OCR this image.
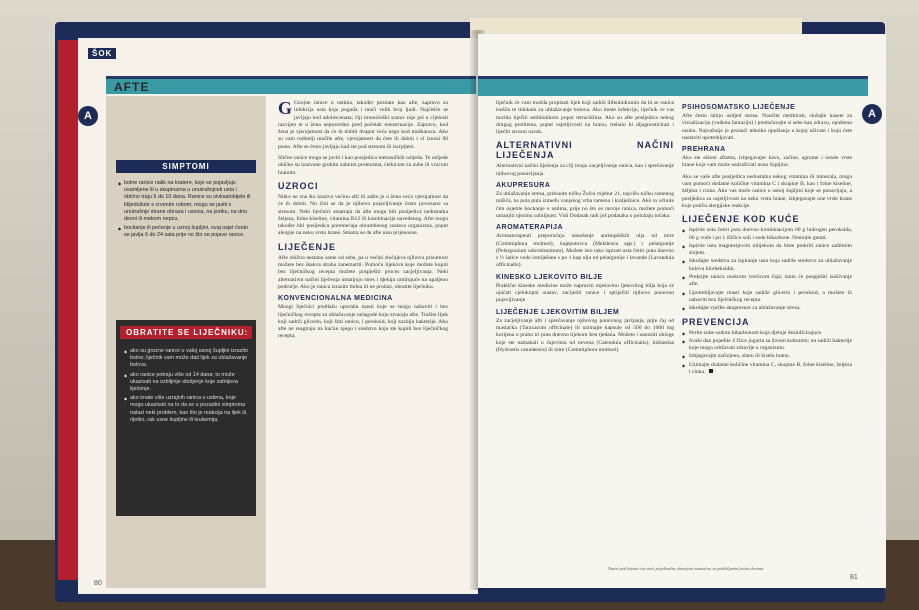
ŠOK
AFTE
A
SIMPTOMI
◆ bolne ranice nalik na kratere, koje se pojavljuju usamljene ili u skupinama u unutrašnjosti usta i obično traju 5 do 10 dana. Ranice su sivkastobijele ili blijedožute s crvenim rubom; mogu se javiti s unutrašnje strane obraza i usnica, na jeziku, na dnu desni ili mekom nepcu.
◆ bockanje ili pečenje u usnoj šupljini, ovaj osjet često se javlja 6 do 24 sata prije no što se pojave ranice.
OBRATITE SE LIJEČNIKU:
◆ ako su grozne ranice u valoj usnoj šupljini izrazito bolne; liječnik vam može dati lijek za ublažavanje bolova.
◆ ako ranice potraju više od 14 dana; to može ukazivati na ozbiljnije oboljenje koje zahtijeva liječenje.
◆ ako imate više uzrajnih ranica u ustima, koje mogu ukazivati na to da se u pozadini simptoma nalazi neki problem, kao što je reakcija na lijek ili, rijetko, rak usne šupljine ili leukemija.

G Gnojne ranice u ustima, također poznate kao afte, zapravo su infekcija usta koja pogađa i muči velik broj ljudi. Najčešće se javljaju kod adolescenata; čiji imunološki sustav nije još u cijelosti razvijen te u žena neposredno pred početak menstruacije. Zapravo, kod žena je vjerojatnost da će ih dobiti dvaput veća nego kod muškaraca. Ako su vam roditelji mučile afte, vjerojatnost da ćete ih dobiti i vi iznosi 90 posto. Afte se često javljaju kad ste pod stresom ili iscrpljeni.

Slične ranice mogu se javiti i kao posljedica mehaničkih ozljeda. Te ozljede obično su izazvane grubim zubnim protezama, četkicom za zube ili vrućom hranom.

UZROCI

Nitko ne zna što izaziva većinu afti ili zašto je u žena veća vjerojatnost da će ih dobiti. No čini se da je njihovo pojavljivanje često povezano sa stresom. Neki liječnici smatraju da afte mogu biti posljedica nedostatka željeza, folne kiseline, vitamina B12 ili kombinacije navedenog. Afte mogu također biti posljedica poremećaja obrambenog sustava organizma, poput alergije na neku vrstu hrane. Smatra se da afte nisu prijenosne.

LIJEČENJE

Afte obično nestanu same od sebe, pa u većini slučajeva njihovu prisutnost možete bez ikakva straha zanemariti. Pomoću lijekova koje možete kupiti bez liječničkog recepta možete pospješiti proces zacjeljivanja. Neki alternativni načini liječenja umanjuju stres i djeluju umirujuće na upaljeno područje. Ako je ranica izrazito bolna ili ne prolazi, obratite liječniku.

KONVENCIONALNA MEDICINA

Mnogi liječnici predlažu uporabu masti koje se mogu nabaviti i bez liječničkog recepta za ublažavanje nelagode koju stvaraju afte. Tražite lijek koji sadrži glicerin, koji štiti ranicu, i peroksid, koji suzbija bakterije. Ako afte ne reagiraju na kućnu njegu i sredstva koja ste kupili bez liječničkog recepta,

80
A

liječnik će vam možda propisati lijek koji sadrži difenhidramin da bi se ranica isušila te lidokain za ublažavanje bolova. Ako imate infekciju, liječnik će vas možda liječiti antibiotikom poput tetraciklina. Ako su afte posljedica nekog drugog problema, poput osjetljivosti na hranu, trebalo bi dijagnosticirati i liječiti stvarni uzrok.

ALTERNATIVNI NAČINI LIJEČENJA

Alternativni načini liječenja za cilj imaju zacjeljivanje ranica, kao i sprečavanje njihovog ponavljanja.

AKUPRESURA

Za ublažavanje stresa, pritisnite točku Žučni mjehur 21, najvišu točku ramenog mišića, na pola puta između vanjskog vrha ramena i kralježnice. Ako to učinite čim osjetite bockanje u ustima, prije no što se razvije ranica, možete pomoći umanjiti njezinu ozbiljnost. Vidi Dodatak radi još podataka o položaju točaka.

AROMATERAPIJA

Aromaterapeuti preporučaju nanošenje antiseptičkih ulja od mire (Commiphora molmol), kajeputovca (Melaleuca spp.) i pelargonije (Pelargonium odoratissimum). Možete isto tako ispirati usta četiri puta dnevno s ½ šalice vode izmiješane s po 1 kap ulja od pelargonije i lavande (Lavandula officinalis).

KINESKO LJEKOVITO BILJE

Praktičar kineske medicine može napraviti mješavinu ljekovitog bilja koja će ojačati cjelokupni sustav, zacijeliti ranice i spriječiti njihovo ponovno pojavljivanje.

LIJEČENJE LJEKOVITIM BILJEM

Za zacjeljivanje afti i sprečavanje njihovog ponovnog javljanja, pijte čaj od maslačka (Taraxacum officinale) ili uzimajte kapsule od 500 do 1000 mg korijena u prahu tri puta dnevno tijekom šest tjedana. Možete i nanositi obloge koje ste namakali u čajevima od nevena (Calendula officinalis), hidrastisa (Hydrastis canadensis) ili mire (Commiphora molmol).

PSIHOSOMATSKO LIJEČENJE

Afte često izbiju uslijed stresa. Naučite meditirati, slušajte kasete za vizualizaciju (vođenu fantaziju) i predočavajte si sebe kao zdravu, opuštenu osobu. Najvažnije je pronaći tehniku opuštanja u kojoj uživate i koju ćete nastaviti upotrebljavati.

PREHRANA

Ako ste skloni aftama, izbjegavajte kavu, začine, agrume i ostale vrste hrane koja vam može nadraživati usnu šupljinu.

Ako se vaše afte posljedica nedostatka nekog vitamina ili minerala, mogu vam pomoći dodatne količine vitamina C i skupine B, kao i folne kiseline, željeza i cinka. Ako vas muče ranice u usnoj šupljini koje se ponavljaju, a posljedica su osjetljivosti na neku vrstu hrane, izbjegavajte one vrste hrane koje potiču alergijske reakcije.

LIJEČENJE KOD KUĆE
◆ Ispirite usta četiri puta dnevno kombinacijom 60 g hidrogen peroksida, 60 g vode i po 1 žličicu soli i sode bikarbone. Nemojte gutati.
◆ Ispirite usta magnezijevim mlijekom da biste prekrili ranice zaštitnim slojem.
◆ Iskušajte sredstva za ispiranje usta koja sadrže sredstvo za ublažavanje bolova klorheksidin.
◆ Prekrijte ranicu mokrom vrećicom čaja; tanin će pospješiti isušivanje afte.
◆ Upotrebljavajte masti koje sadrže glicerin i peroksid, a možete ih nabaviti bez liječničkog recepta.
◆ Iskušajte vježbe akupresure za ublažavanje stresa.
PREVENCIJA
◆ Perite zube sodom bikarbonom koja djeluje dezinficirajuće.
◆ Svaki dan pojedite 4 žlice jogurta sa živom kulturom; on sadrži bakterije koje mogu održavati zdravlje u organizmu.
◆ Izbjegavajte začinjenu, slanu ili kiselu hranu.
◆ Uzimajte dodatne količine vitamina C, skupine B, folne kiseline, željeza i cinka.
Nazivi pod kojima ćete naći pojedinačne obavijesti naznačeni su podebljanim kosim slovima.
81
